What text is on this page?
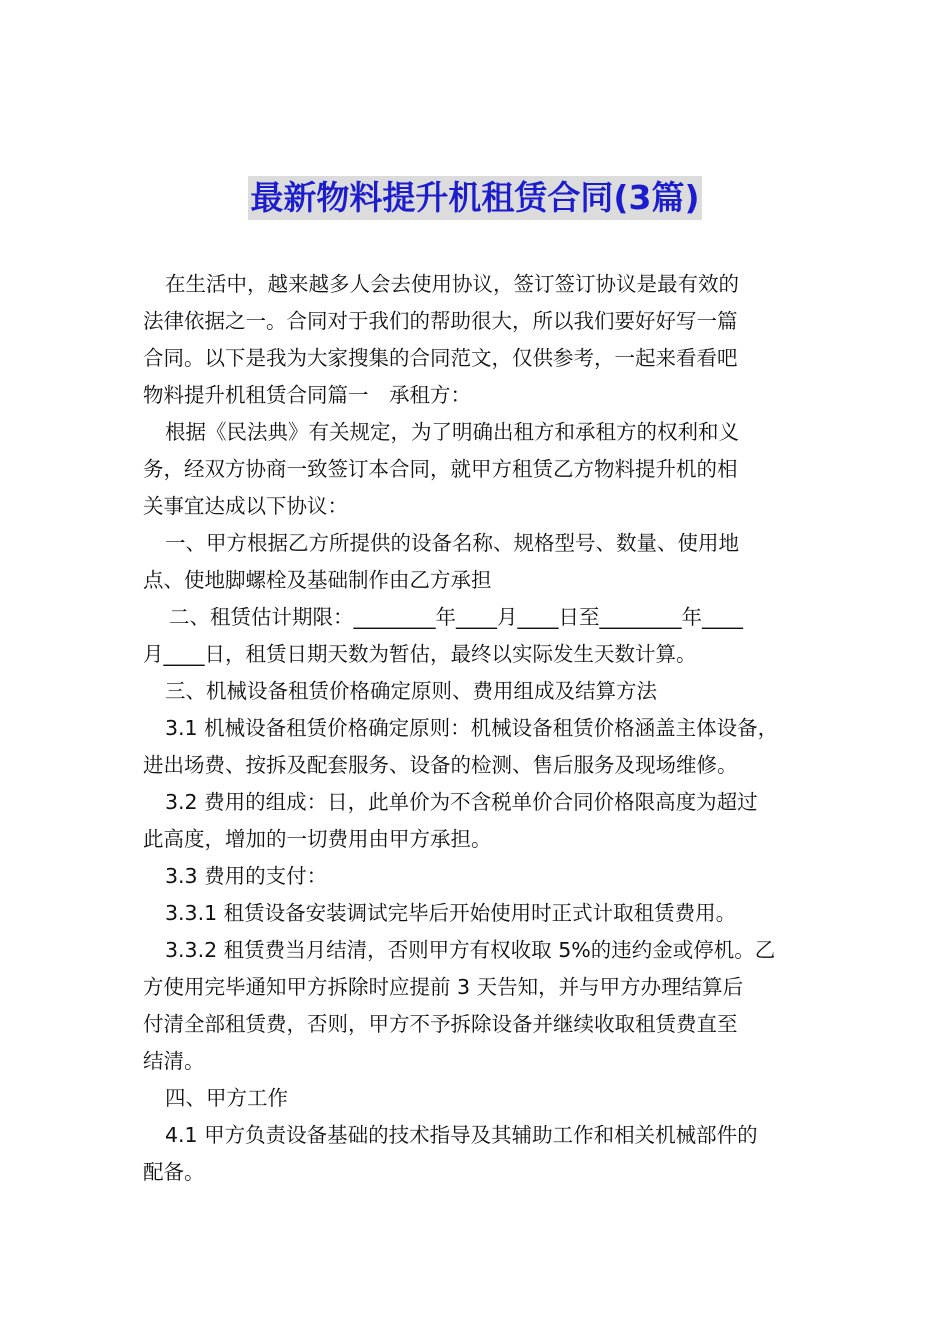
最新物料提升机租赁合同(3篇)

在生活中，越来越多人会去使用协议，签订签订协议是最有效的

法律依据之一。合同对于我们的帮助很大，所以我们要好好写一篇

合同。以下是我为大家搜集的合同范文，仅供参考，一起来看看吧

物料提升机租赁合同篇一　承租方：

根据《民法典》有关规定，为了明确出租方和承租方的权利和义

务，经双方协商一致签订本合同，就甲方租赁乙方物料提升机的相

关事宜达成以下协议：

一、甲方根据乙方所提供的设备名称、规格型号、数量、使用地

点、使地脚螺栓及基础制作由乙方承担

二、租赁估计期限：________年____月____日至________年____

月____日，租赁日期天数为暂估，最终以实际发生天数计算。

三、机械设备租赁价格确定原则、费用组成及结算方法

3.1 机械设备租赁价格确定原则：机械设备租赁价格涵盖主体设备，

进出场费、按拆及配套服务、设备的检测、售后服务及现场维修。

3.2 费用的组成：日，此单价为不含税单价合同价格限高度为超过

此高度，增加的一切费用由甲方承担。

3.3 费用的支付：

3.3.1 租赁设备安装调试完毕后开始使用时正式计取租赁费用。

3.3.2 租赁费当月结清，否则甲方有权收取 5%的违约金或停机。乙

方使用完毕通知甲方拆除时应提前 3 天告知，并与甲方办理结算后

付清全部租赁费，否则，甲方不予拆除设备并继续收取租赁费直至

结清。

四、甲方工作

4.1 甲方负责设备基础的技术指导及其辅助工作和相关机械部件的

配备。
